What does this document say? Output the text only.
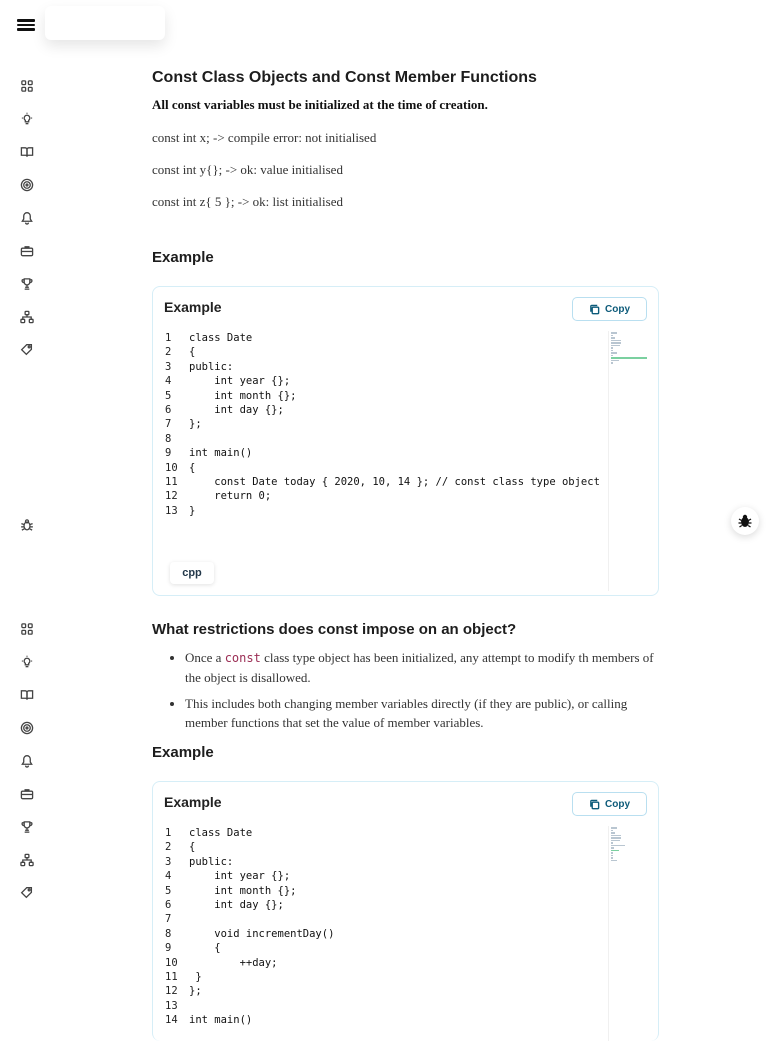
Const Class Objects and Const Member Functions
All const variables must be initialized at the time of creation.
const int x; -> compile error: not initialised
const int y{}; -> ok: value initialised
const int z{ 5 }; -> ok: list initialised
Example
Example	Copy
1	class Date
2	{
3	public:
4	int year {};
5	int month {};
6	int day {};
7	};
8
9	int main()
10	{
11	const Date today { 2020, 10, 14 }; // const class type object
12	return 0;
13	}
cpp
What restrictions does const impose on an object?
• Once a const class type object has been initialized, any attempt to modify th members of the object is disallowed.
• This includes both changing member variables directly (if they are public), or calling member functions that set the value of member variables.
Example
Example	Copy
1	class Date
2	{
3	public:
4	int year {};
5	int month {};
6	int day {};
7
8	void incrementDay()
9	{
10	++day;
11	}
12	};
13
14	int main()
